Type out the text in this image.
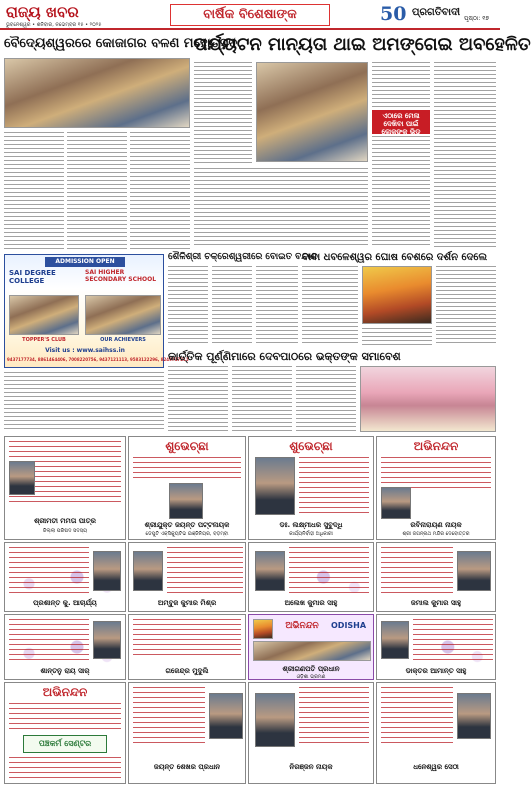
ରାଜ୍ୟ ଖବର
ଭୁବନେଶ୍ୱର • ଶନିବାର, ନଭେମ୍ବର ୧୫ • ୨୦୨୫
ବାର୍ଷିକ ବିଶେଷାଙ୍କ	50 ପ୍ରଗତିବାଦୀ
ପୃଷ୍ଠା: ୧୭
ବୈଦ୍ୟେଶ୍ୱରରେ କୋଜାଗର ବଳଣ ମହୋତ୍ସବ
ପର୍ଯ୍ୟଟନ ମାନ୍ୟତା ଥାଇ ଅମଙ୍ଗେଇ ଅବହେଳିତ
ଏଠାରେ ମେଳା ଦେଖିବା ପାଇଁ ଲୋକଙ୍କ ଭିଡ଼
ଶୈଳିଶ୍ରୀ ଚକ୍ରେଶ୍ୱରୀରେ ବୋଇତ ବନ୍ଦାଣ
ବାବା ଧବଳେଶ୍ୱର ଘୋଷ ବେଶରେ ଦର୍ଶନ ଦେଲେ
ADMISSION OPEN
SAI DEGREE COLLEGE
SAI HIGHER SECONDARY SCHOOL
TOPPER'S CLUB	OUR ACHIEVERS
Visit us : www.saihss.in
9437177734, 8861464406, 7008220756, 9437121113, 9583122296, 8249717211
କାର୍ତ୍ତିକ ପୂର୍ଣ୍ଣିମାରେ ଦେବପାଠରେ ଭକ୍ତଙ୍କ ସମାବେଶ
ଶ୍ରୀମତୀ ମମତା ପାତ୍ର
ଜିଲ୍ଲା ପରିଷଦ ସଦସ୍ୟ
ଶୁଭେଚ୍ଛା
ଶ୍ରୀଯୁକ୍ତ ଜୟନ୍ତ ପଟ୍ଟନାୟକ
ଡେପୁଟି ଏକ୍ସିକ୍ୟୁଟିଭ ଇଞ୍ଜିନିୟର, ବଡ଼ମ୍ବା
ଶୁଭେଚ୍ଛା
ଡଃ. ଲକ୍ଷ୍ମୀଧର ସୁବୁଦ୍ଧି
କାର୍ଯ୍ୟନିର୍ବାହୀ ଅଧିକାରୀ
ଅଭିନନ୍ଦନ
ରବିନାରାୟଣ ନାୟକ
ଶ୍ରୀ ଜଗନ୍ନାଥ ମନ୍ଦିର ଦେବୋତ୍ତର
ପ୍ରଶାନ୍ତ କୁ. ଆଚାର୍ଯ୍ୟ	ଅମ୍ବୁଜ କୁମାର ମିଶ୍ର	ଅଲେଖ କୁମାର ସାହୁ	ଜମାଲ କୁମାର ସାହୁ
ଶାନ୍ତନୁ ରାୟ ସାର୍	ଗଜେନ୍ଦ୍ର ମୁଦୁଲି
ଅଭିନନ୍ଦନ	ODISHA
ଶ୍ରୀଗଣପତି ପ୍ରଧାନ
ଓଡ଼ିଶା ଭ୍ରମଣ
ଡାକ୍ତର ଆମାନ୍ତ ସାହୁ
ଅଭିନନ୍ଦନ
ପଞ୍ଚକର୍ମ ସେଣ୍ଟର
ଜୟନ୍ତ ଶେଖର ପ୍ରଧାନ	ନିରଞ୍ଜନ ନାୟକ	ଧନେଶ୍ୱର ସେଠୀ
